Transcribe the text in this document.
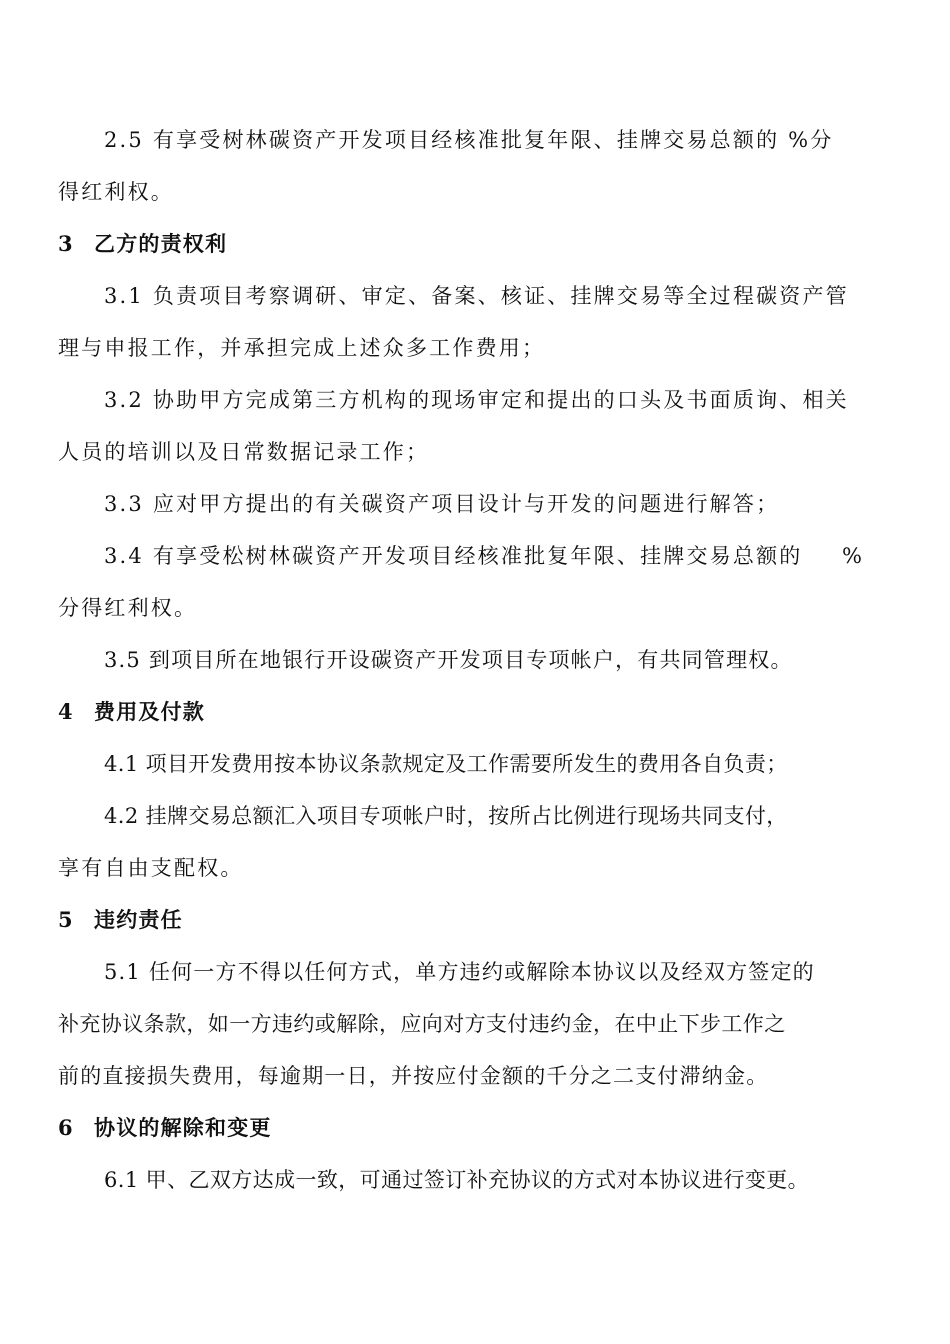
2.5 有享受树林碳资产开发项目经核准批复年限、挂牌交易总额的 %分
得红利权。
3 乙方的责权利
3.1 负责项目考察调研、审定、备案、核证、挂牌交易等全过程碳资产管
理与申报工作，并承担完成上述众多工作费用；
3.2 协助甲方完成第三方机构的现场审定和提出的口头及书面质询、相关
人员的培训以及日常数据记录工作；
3.3 应对甲方提出的有关碳资产项目设计与开发的问题进行解答；
3.4 有享受松树林碳资产开发项目经核准批复年限、挂牌交易总额的 %
分得红利权。
3.5 到项目所在地银行开设碳资产开发项目专项帐户，有共同管理权。
4 费用及付款
4.1 项目开发费用按本协议条款规定及工作需要所发生的费用各自负责；
4.2 挂牌交易总额汇入项目专项帐户时，按所占比例进行现场共同支付，
享有自由支配权。
5 违约责任
5.1 任何一方不得以任何方式，单方违约或解除本协议以及经双方签定的
补充协议条款，如一方违约或解除，应向对方支付违约金，在中止下步工作之
前的直接损失费用，每逾期一日，并按应付金额的千分之二支付滞纳金。
6 协议的解除和变更
6.1 甲、乙双方达成一致，可通过签订补充协议的方式对本协议进行变更。
